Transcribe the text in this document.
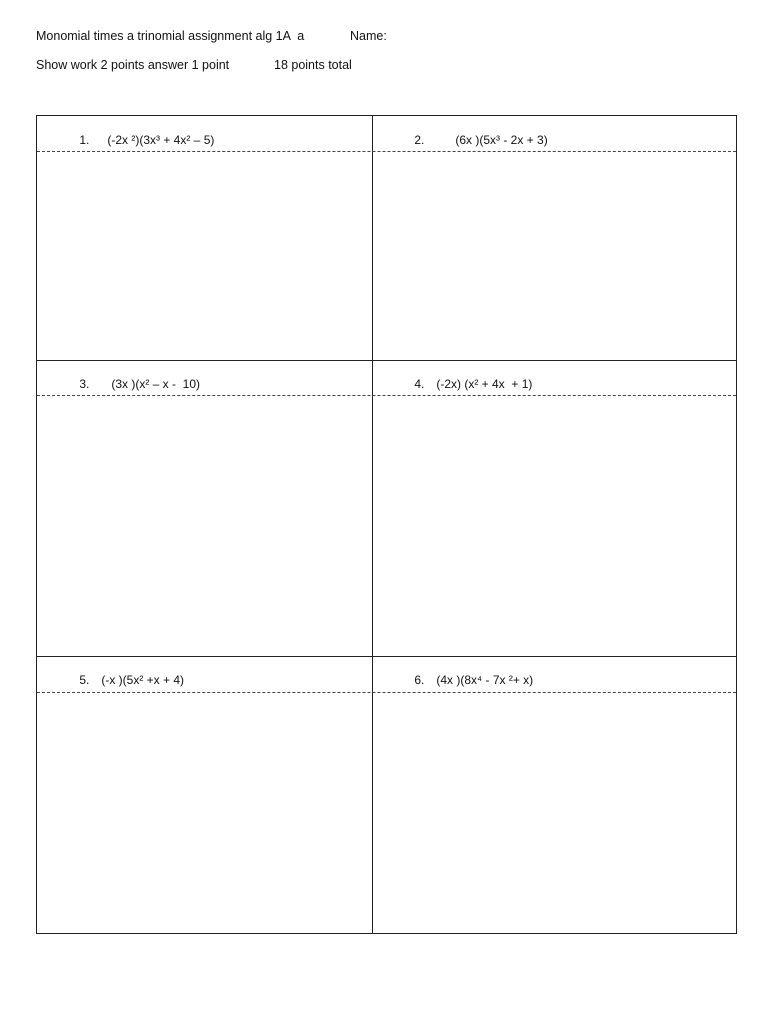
Monomial times a trinomial assignment alg 1A  a	Name:
Show work 2 points answer 1 point	18 points total

1. (-2x ²)(3x³ + 4x² – 5)
	2.	(6x )(5x³ - 2x + 3)

3. (3x )(x² – x -  10)
	4. (-2x) (x² + 4x  + 1)

5. (-x )(5x² +x + 4)
	6. (4x )(8x⁴ - 7x ²+ x)
